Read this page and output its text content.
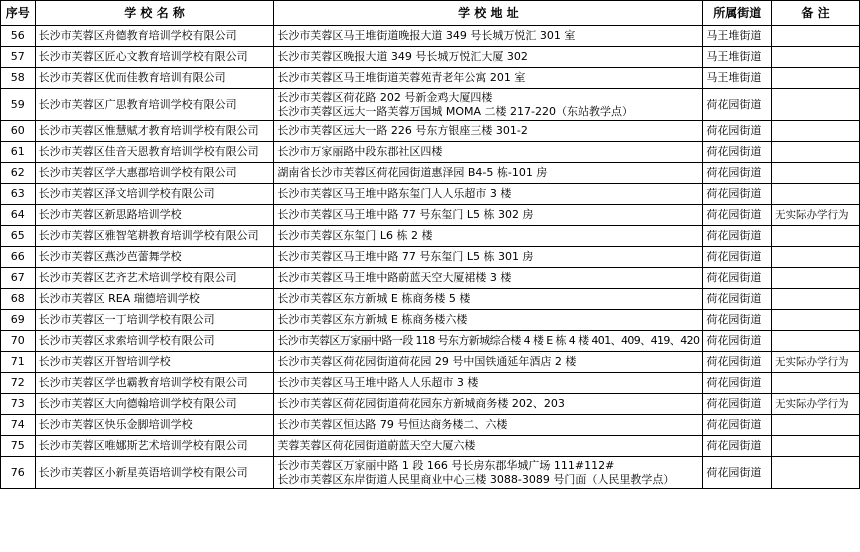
序号	学 校 名 称	学 校 地 址	所属街道	备 注
56	长沙市芙蓉区舟德教育培训学校有限公司	长沙市芙蓉区马王堆街道晚报大道 349 号长城万悦汇 301 室	马王堆街道	
57	长沙市芙蓉区匠心文教育培训学校有限公司	长沙市芙蓉区晚报大道 349 号长城万悦汇大厦 302	马王堆街道	
58	长沙市芙蓉区优而佳教育培训有限公司	长沙市芙蓉区马王堆街道芙蓉苑青老年公寓 201 室	马王堆街道	
59	长沙市芙蓉区广思教育培训学校有限公司	长沙市芙蓉区荷花路 202 号新金鸡大厦四楼
长沙市芙蓉区远大一路芙蓉万国城 MOMA 二楼 217-220（东站教学点）	荷花园街道	
60	长沙市芙蓉区惟慧赋才教育培训学校有限公司	长沙市芙蓉区远大一路 226 号东方银座三楼 301-2	荷花园街道	
61	长沙市芙蓉区佳音天恩教育培训学校有限公司	长沙市万家丽路中段东郡社区四楼	荷花园街道	
62	长沙市芙蓉区学大惠郡培训学校有限公司	湖南省长沙市芙蓉区荷花园街道惠泽园 B4-5 栋-101 房	荷花园街道	
63	长沙市芙蓉区泽文培训学校有限公司	长沙市芙蓉区马王堆中路东玺门人人乐超市 3 楼	荷花园街道	
64	长沙市芙蓉区新思路培训学校	长沙市芙蓉区马王堆中路 77 号东玺门 L5 栋 302 房	荷花园街道	无实际办学行为
65	长沙市芙蓉区雅智笔耕教育培训学校有限公司	长沙市芙蓉区东玺门 L6 栋 2 楼	荷花园街道	
66	长沙市芙蓉区燕沙芭蕾舞学校	长沙市芙蓉区马王堆中路 77 号东玺门 L5 栋 301 房	荷花园街道	
67	长沙市芙蓉区艺齐艺术培训学校有限公司	长沙市芙蓉区马王堆中路蔚蓝天空大厦裙楼 3 楼	荷花园街道	
68	长沙市芙蓉区 REA 瑞德培训学校	长沙市芙蓉区东方新城 E 栋商务楼 5 楼	荷花园街道	
69	长沙市芙蓉区一丁培训学校有限公司	长沙市芙蓉区东方新城 E 栋商务楼六楼	荷花园街道	
70	长沙市芙蓉区求索培训学校有限公司	长沙市芙蓉区万家丽中路一段 118 号东方新城综合楼 4 楼 E 栋 4 楼 401、409、419、420	荷花园街道	
71	长沙市芙蓉区开智培训学校	长沙市芙蓉区荷花园街道荷花园 29 号中国铁通延年酒店 2 楼	荷花园街道	无实际办学行为
72	长沙市芙蓉区学也霸教育培训学校有限公司	长沙市芙蓉区马王堆中路人人乐超市 3 楼	荷花园街道	
73	长沙市芙蓉区大向德翰培训学校有限公司	长沙市芙蓉区荷花园街道荷花园东方新城商务楼 202、203	荷花园街道	无实际办学行为
74	长沙市芙蓉区快乐金脚培训学校	长沙市芙蓉区恒达路 79 号恒达商务楼二、六楼	荷花园街道	
75	长沙市芙蓉区唯娜斯艺术培训学校有限公司	芙蓉芙蓉区荷花园街道蔚蓝天空大厦六楼	荷花园街道	
76	长沙市芙蓉区小新星英语培训学校有限公司	长沙市芙蓉区万家丽中路 1 段 166 号长房东郡华城广场 111#112#
长沙市芙蓉区东岸街道人民里商业中心三楼 3088-3089 号门面（人民里教学点）	荷花园街道	
